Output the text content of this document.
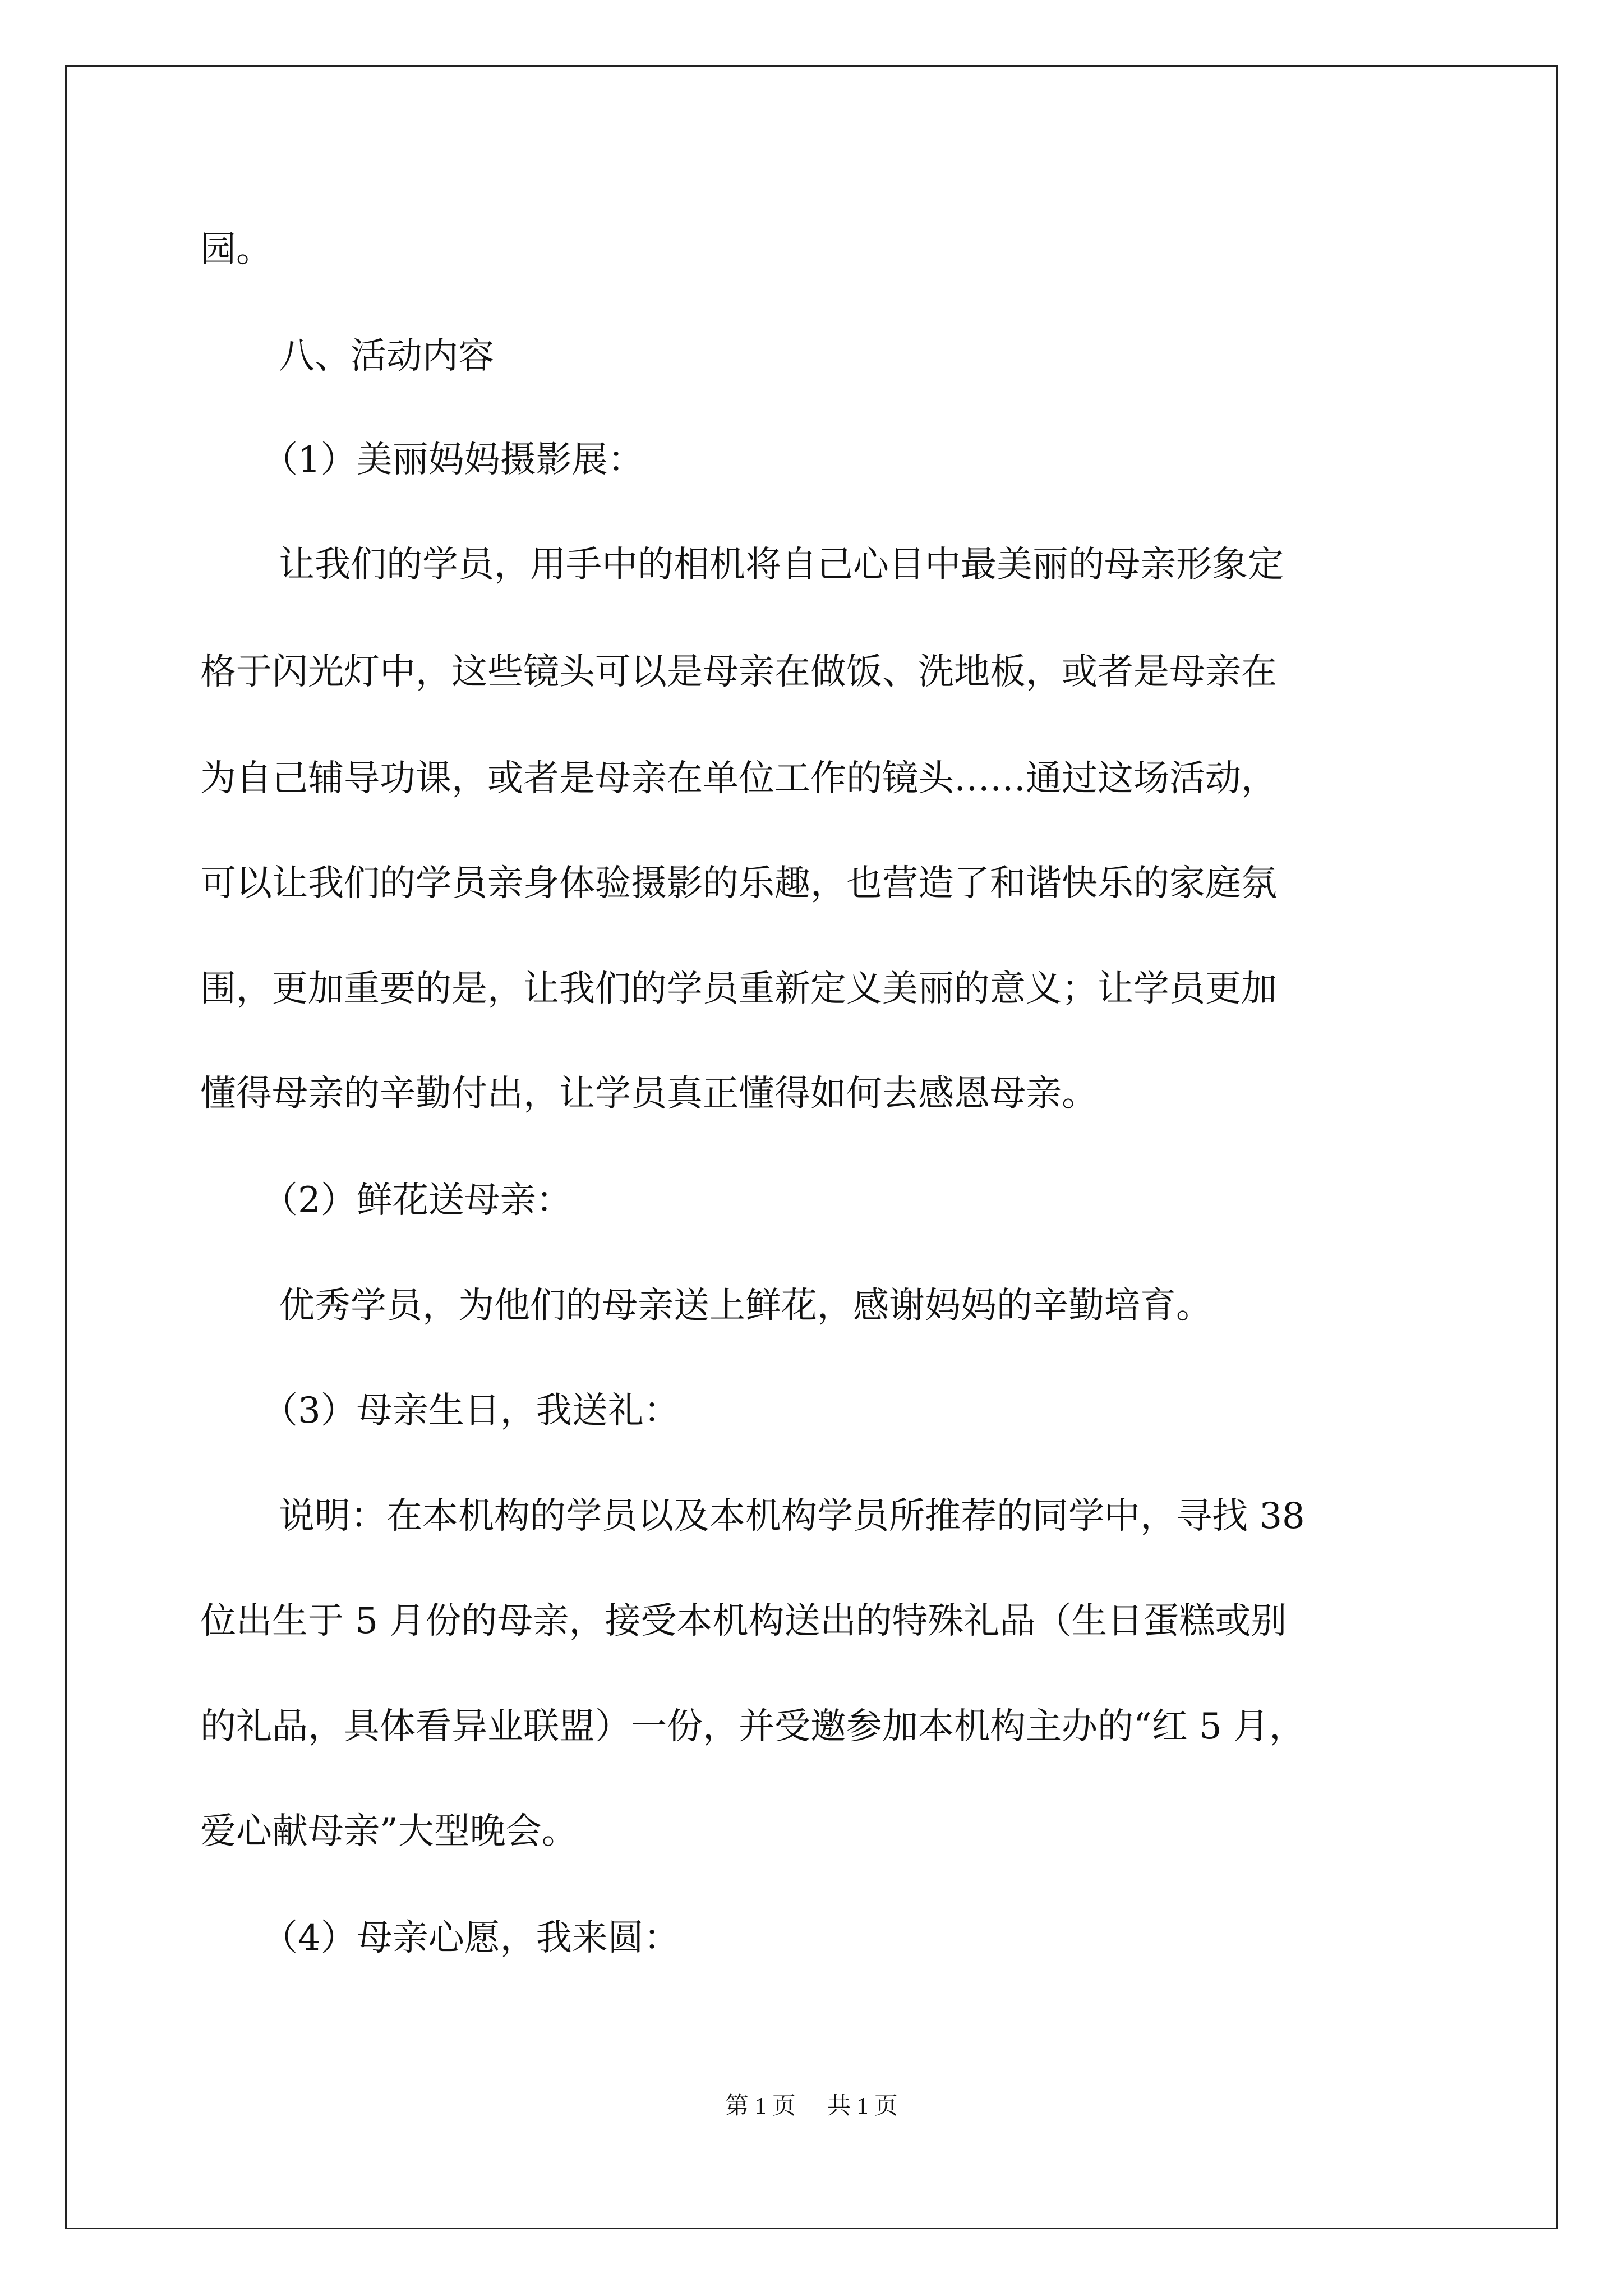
园。
八、活动内容
（1）美丽妈妈摄影展：
让我们的学员，用手中的相机将自己心目中最美丽的母亲形象定
格于闪光灯中，这些镜头可以是母亲在做饭、洗地板，或者是母亲在
为自己辅导功课，或者是母亲在单位工作的镜头……通过这场活动，
可以让我们的学员亲身体验摄影的乐趣，也营造了和谐快乐的家庭氛
围，更加重要的是，让我们的学员重新定义美丽的意义；让学员更加
懂得母亲的辛勤付出，让学员真正懂得如何去感恩母亲。
（2）鲜花送母亲：
优秀学员，为他们的母亲送上鲜花，感谢妈妈的辛勤培育。
（3）母亲生日，我送礼：
说明：在本机构的学员以及本机构学员所推荐的同学中，寻找 38
位出生于 5 月份的母亲，接受本机构送出的特殊礼品（生日蛋糕或别
的礼品，具体看异业联盟）一份，并受邀参加本机构主办的“红 5 月，
爱心献母亲”大型晚会。
（4）母亲心愿，我来圆：
第 1 页 共 1 页
